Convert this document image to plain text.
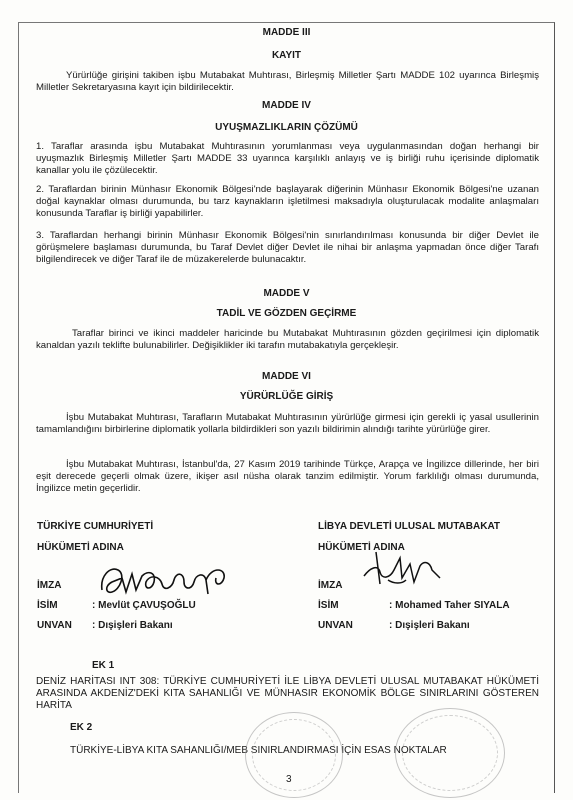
MADDE III
KAYIT
Yürürlüğe girişini takiben işbu Mutabakat Muhtırası, Birleşmiş Milletler Şartı MADDE 102 uyarınca Birleşmiş Milletler Sekretaryasına kayıt için bildirilecektir.
MADDE IV
UYUŞMAZLIKLARIN ÇÖZÜMÜ
1. Taraflar arasında işbu Mutabakat Muhtırasının yorumlanması veya uygulanmasından doğan herhangi bir uyuşmazlık Birleşmiş Milletler Şartı MADDE 33 uyarınca karşılıklı anlayış ve iş birliği ruhu içerisinde diplomatik kanallar yolu ile çözülecektir.
2. Taraflardan birinin Münhasır Ekonomik Bölgesi'nde başlayarak diğerinin Münhasır Ekonomik Bölgesi'ne uzanan doğal kaynaklar olması durumunda, bu tarz kaynakların işletilmesi maksadıyla oluşturulacak modalite anlaşmaları konusunda Taraflar iş birliği yapabilirler.
3. Taraflardan herhangi birinin Münhasır Ekonomik Bölgesi'nin sınırlandırılması konusunda bir diğer Devlet ile görüşmelere başlaması durumunda, bu Taraf Devlet diğer Devlet ile nihai bir anlaşma yapmadan önce diğer Tarafı bilgilendirecek ve diğer Taraf ile de müzakerelerde bulunacaktır.
MADDE V
TADİL VE GÖZDEN GEÇİRME
Taraflar birinci ve ikinci maddeler haricinde bu Mutabakat Muhtırasının gözden geçirilmesi için diplomatik kanaldan yazılı teklifte bulunabilirler. Değişiklikler iki tarafın mutabakatıyla gerçekleşir.
MADDE VI
YÜRÜRLÜĞE GİRİŞ
İşbu Mutabakat Muhtırası, Tarafların Mutabakat Muhtırasının yürürlüğe girmesi için gerekli iç yasal usullerinin tamamlandığını birbirlerine diplomatik yollarla bildirdikleri son yazılı bildirimin alındığı tarihte yürürlüğe girer.
İşbu Mutabakat Muhtırası, İstanbul'da, 27 Kasım 2019 tarihinde Türkçe, Arapça ve İngilizce dillerinde, her biri eşit derecede geçerli olmak üzere, ikişer asıl nüsha olarak tanzim edilmiştir. Yorum farklılığı olması durumunda, İngilizce metin geçerlidir.
TÜRKİYE CUMHURİYETİ
HÜKÜMETİ ADINA
İMZA
İSİM	: Mevlüt ÇAVUŞOĞLU
UNVAN : Dışişleri Bakanı
LİBYA DEVLETİ ULUSAL MUTABAKAT
HÜKÜMETİ ADINA
İMZA
İSİM	: Mohamed Taher SIYALA
UNVAN	: Dışişleri Bakanı
EK 1
DENİZ HARİTASI INT 308: TÜRKİYE CUMHURİYETİ İLE LİBYA DEVLETİ ULUSAL MUTABAKAT HÜKÜMETİ ARASINDA AKDENİZ'DEKİ KITA SAHANLIĞI VE MÜNHASIR EKONOMİK BÖLGE SINIRLARINI GÖSTEREN HARİTA
EK 2
TÜRKİYE-LİBYA KITA SAHANLIĞI/MEB SINIRLANDIRMASI İÇİN ESAS NOKTALAR
3
